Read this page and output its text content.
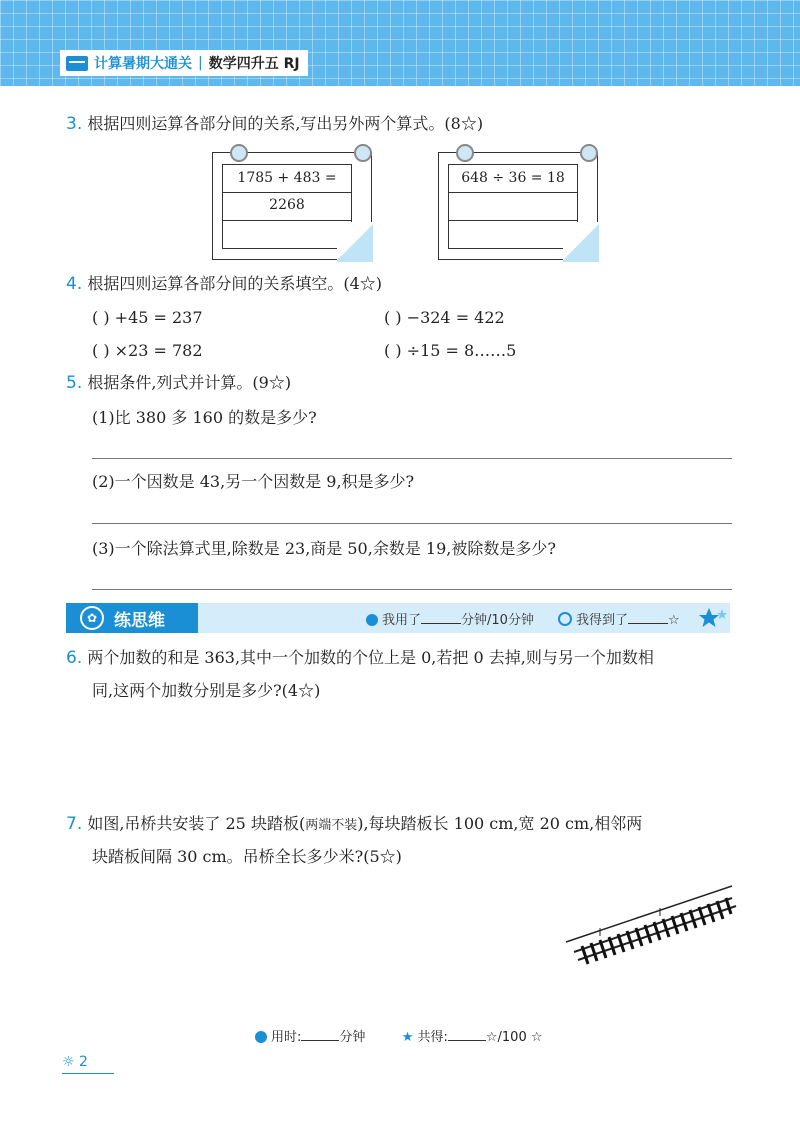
计算暑期大通关 | 数学四升五 RJ
3. 根据四则运算各部分间的关系,写出另外两个算式。(8☆)
1785 + 483 = 2268
648 ÷ 36 = 18
4. 根据四则运算各部分间的关系填空。(4☆)
( ) +45 = 237	( ) −324 = 422
( ) ×23 = 782	( ) ÷15 = 8……5
5. 根据条件,列式并计算。(9☆)
(1)比 380 多 160 的数是多少?
(2)一个因数是 43,另一个因数是 9,积是多少?
(3)一个除法算式里,除数是 23,商是 50,余数是 19,被除数是多少?
✿ 练思维	我用了	分钟/10分钟	我得到了	☆
6. 两个加数的和是 363,其中一个加数的个位上是 0,若把 0 去掉,则与另一个加数相
同,这两个加数分别是多少?(4☆)
7. 如图,吊桥共安装了 25 块踏板(两端不装),每块踏板长 100 cm,宽 20 cm,相邻两
块踏板间隔 30 cm。吊桥全长多少米?(5☆)
用时:	分钟	★ 共得:	☆/100 ☆
☼ 2
